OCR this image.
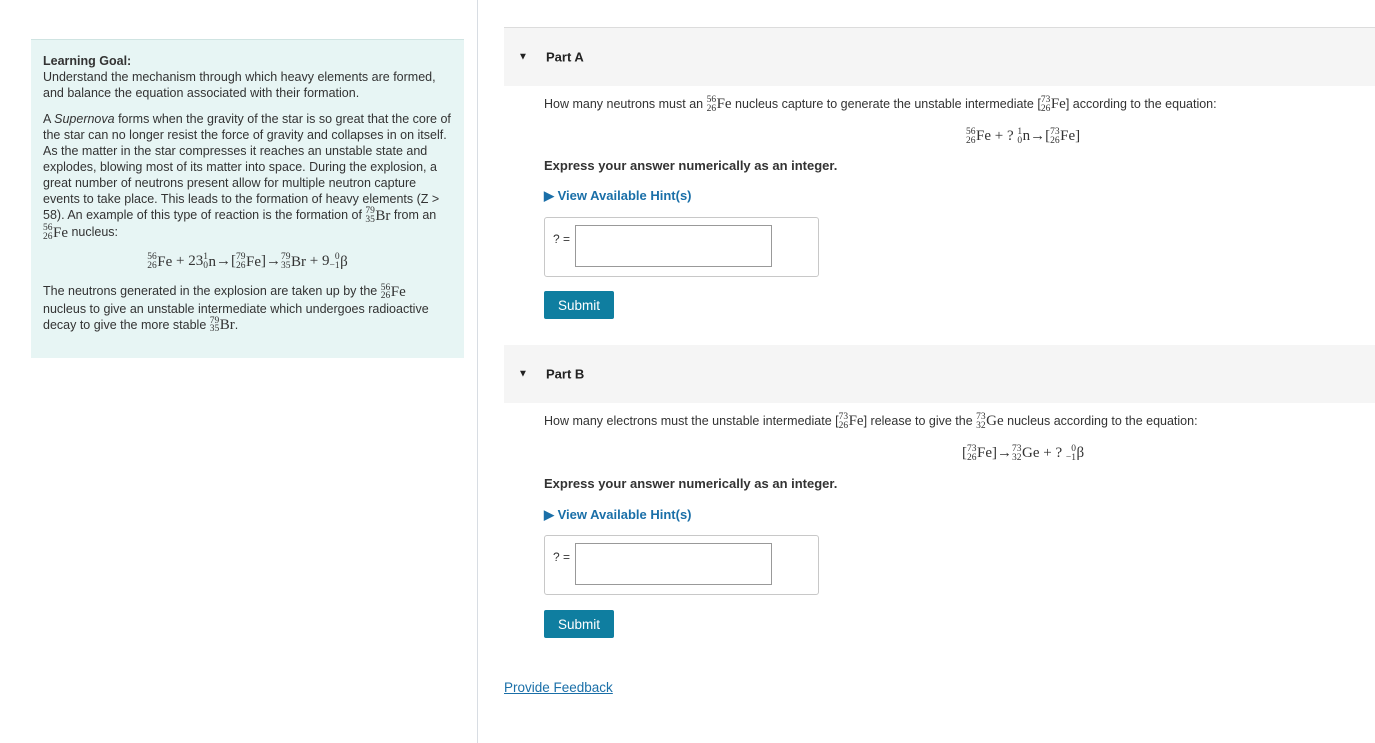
Learning Goal:

Understand the mechanism through which heavy elements are formed, and balance the equation associated with their formation.

A Supernova forms when the gravity of the star is so great that the core of the star can no longer resist the force of gravity and collapses in on itself. As the matter in the star compresses it reaches an unstable state and explodes, blowing most of its matter into space. During the explosion, a great number of neutrons present allow for multiple neutron capture events to take place. This leads to the formation of heavy elements (Z > 58). An example of this type of reaction is the formation of 79
35 Br from an
56
26 Fe nucleus:

56
26 Fe + 23 1
0 n →[ 79
26 Fe ]→ 79
35 Br + 9 0
−1 β

The neutrons generated in the explosion are taken up by the 56
26 Fe
nucleus to give an unstable intermediate which undergoes radioactive decay to give the more stable 79
35 Br .

▼ Part A
How many neutrons must an 56
26 Fe nucleus capture to generate the unstable intermediate [ 73
26 Fe ] according to the equation:
56
26 Fe + ? 1
0 n →[ 73
26 Fe ]
Express your answer numerically as an integer.
▶ View Available Hint(s)
? =
Submit
▼ Part B
How many electrons must the unstable intermediate [ 73
26 Fe ] release to give the 73
32 Ge nucleus according to the equation:
[ 73
26 Fe ]→ 73
32 Ge + ? 0
−1 β
Express your answer numerically as an integer.
▶ View Available Hint(s)
? =
Submit
Provide Feedback
